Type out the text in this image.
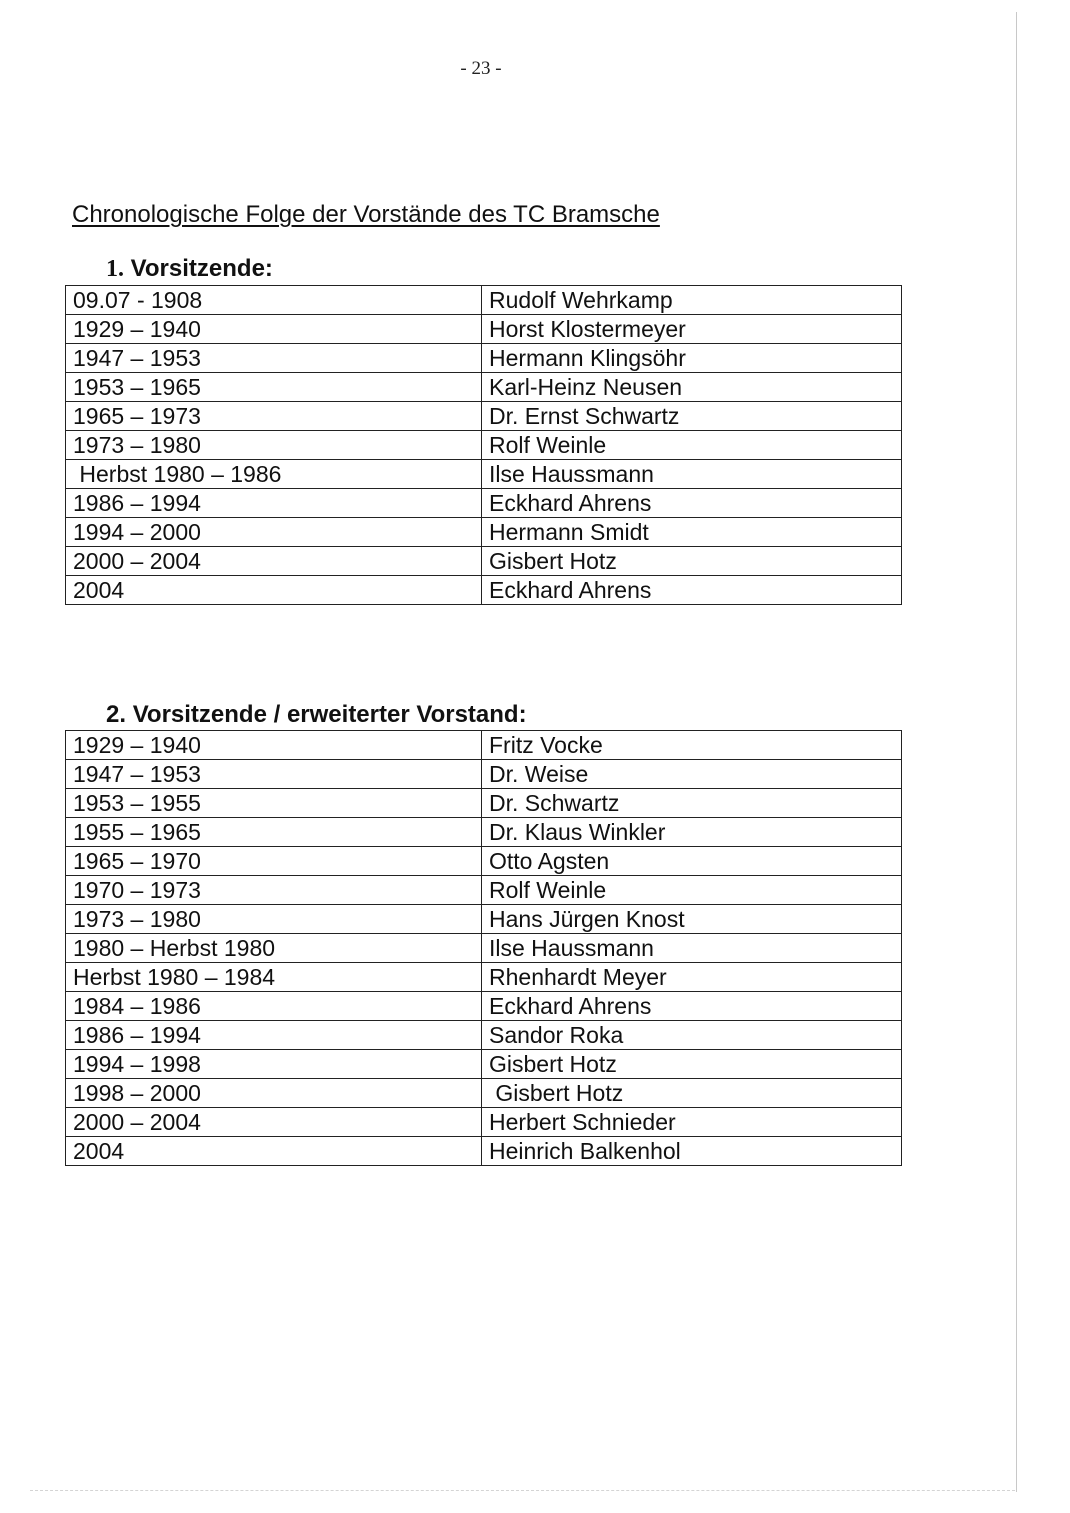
- 23 -
Chronologische Folge der Vorstände des TC Bramsche
1. Vorsitzende:
09.07 - 1908	Rudolf Wehrkamp
1929 – 1940	Horst Klostermeyer
1947 – 1953	Hermann Klingsöhr
1953 – 1965	Karl-Heinz Neusen
1965 – 1973	Dr. Ernst Schwartz
1973 – 1980	Rolf Weinle
Herbst 1980 – 1986	Ilse Haussmann
1986 – 1994	Eckhard Ahrens
1994 – 2000	Hermann Smidt
2000 – 2004	Gisbert Hotz
2004	Eckhard Ahrens
2. Vorsitzende / erweiterter Vorstand:
1929 – 1940	Fritz Vocke
1947 – 1953	Dr. Weise
1953 – 1955	Dr. Schwartz
1955 – 1965	Dr. Klaus Winkler
1965 – 1970	Otto Agsten
1970 – 1973	Rolf Weinle
1973 – 1980	Hans Jürgen Knost
1980 – Herbst 1980	Ilse Haussmann
Herbst 1980 – 1984	Rhenhardt Meyer
1984 – 1986	Eckhard Ahrens
1986 – 1994	Sandor Roka
1994 – 1998	Gisbert Hotz
1998 – 2000	Gisbert Hotz
2000 – 2004	Herbert Schnieder
2004	Heinrich Balkenhol
